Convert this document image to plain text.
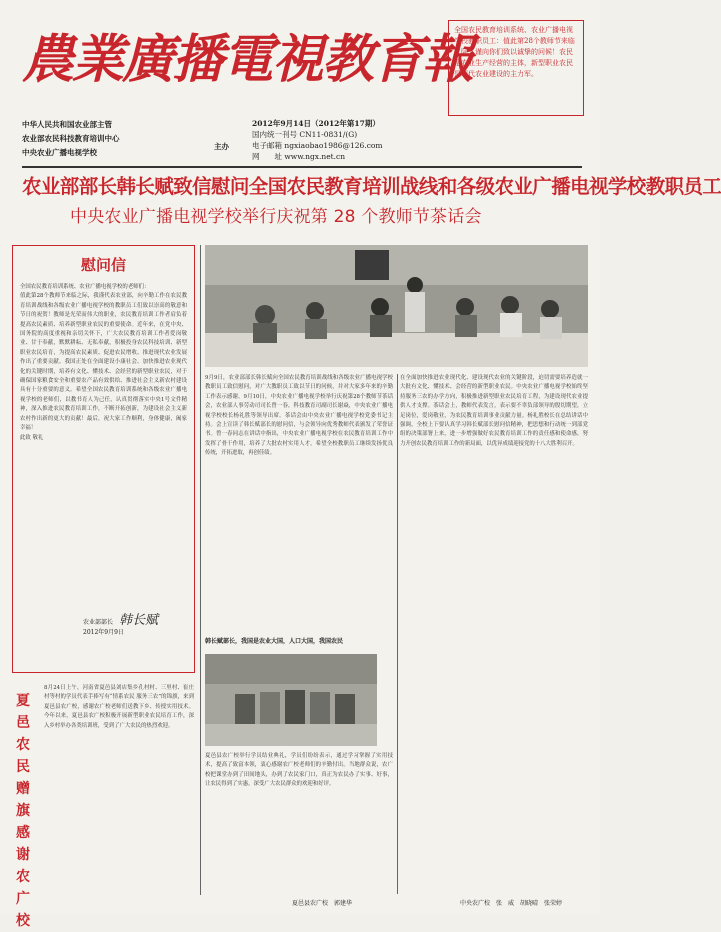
農業廣播電視教育報
全国农民教育培训系统、农业广播电视学校教职员工：值此第28个教师节来临之际，谨向你们致以诚挚的问候！农民是农业生产经营的主体，新型职业农民是现代农业建设的主力军。
中华人民共和国农业部主管
农业部农民科技教育培训中心
中央农业广播电视学校
主办
2012年9月14日（2012年第17期）
国内统一刊号 CN11-0831/(G)
电子邮箱 ngxiaobao1986@126.com
网　　址 www.ngx.net.cn
农业部部长韩长赋致信慰问全国农民教育培训战线和各级农业广播电视学校教职员工
中央农业广播电视学校举行庆祝第 28 个教师节茶话会
慰问信
全国农民教育培训系统、农业广播电视学校的老师们：
值此第28个教师节来临之际，我谨代表农业部，向辛勤工作在农民教育培训战线和各级农业广播电视学校的教职员工们致以崇高的敬意和节日的祝贺！教师是光荣而伟大的职业，农民教育培训工作者肩负着提高农民素质、培养新型职业农民的重要使命。近年来，在党中央、国务院的高度重视和亲切关怀下，广大农民教育培训工作者爱岗敬业、甘于奉献，默默耕耘、无私奉献，积极投身农民科技培训、新型职业农民培育，为提高农民素质、促进农民增收、推进现代农业发展作出了重要贡献。我国正处在全面建设小康社会、加快推进农业现代化的关键时期，培养有文化、懂技术、会经营的新型职业农民，对于确保国家粮食安全和重要农产品有效供给、推进社会主义新农村建设具有十分重要的意义。希望全国农民教育培训系统和各级农业广播电视学校的老师们，以教书育人为己任，认真贯彻落实中央1号文件精神，深入推进农民教育培训工作，不断开拓创新，为建设社会主义新农村作出新的更大的贡献！最后，祝大家工作顺利，身体健康，阖家幸福！
此致 敬礼
农业部部长 韩长赋
2012年9月9日
9月9日，农业部部长韩长赋向全国农民教育培训战线和各级农业广播电视学校教职员工致信慰问，对广大教职员工致以节日的问候，并对大家多年来的辛勤工作表示感谢。9月10日，中央农业广播电视学校举行庆祝第28个教师节茶话会，农业部人事劳动司司长曾一春，科技教育司副司长谢焱，中央农业广播电视学校校长杨礼胜等领导出席。茶话会由中央农业广播电视学校党委书记主持。会上宣读了韩长赋部长的慰问信，与会领导向优秀教师代表颁发了荣誉证书。曾一春同志在讲话中指出，中央农业广播电视学校在农民教育培训工作中发挥了骨干作用，培养了大批农村实用人才，希望全校教职员工继续发扬优良传统，开拓进取，再创佳绩。
在全面加快推进农业现代化、建设现代农业的关键阶段，迫切需要培养造就一大批有文化、懂技术、会经营的新型职业农民。中央农业广播电视学校始终坚持服务三农的办学方向，积极推进新型职业农民培育工程，为建设现代农业提供人才支撑。茶话会上，教师代表发言，表示要不辜负部领导的殷切期望，立足岗位，爱岗敬业，为农民教育培训事业贡献力量。杨礼胜校长在总结讲话中强调，全校上下要认真学习韩长赋部长慰问信精神，把思想和行动统一到部党组的决策部署上来，进一步增强做好农民教育培训工作的责任感和使命感，努力开创农民教育培训工作的新局面，以优异成绩迎接党的十八大胜利召开。
韩长赋部长，我国是农业大国，人口大国，我国农民
夏邑县农广校举行学员结业典礼，学员们纷纷表示，通过学习掌握了实用技术，提高了致富本领，衷心感谢农广校老师们的辛勤付出。当地群众说，农广校把课堂办到了田间地头，办到了农民家门口，真正为农民办了实事、好事，让农民得到了实惠，深受广大农民群众的欢迎和好评。
夏邑农民赠旗感谢农广校
8月24日上午，河南省夏邑县刘店集乡孔村村、三里村、崔庄村等村的学员代表手捧写有“情系农民 服务三农”的锦旗，来到夏邑县农广校，感谢农广校老师们送教下乡、传授实用技术。今年以来，夏邑县农广校积极开展新型职业农民培育工作，深入乡村举办各类培训班，受到了广大农民的热烈欢迎。
夏邑县农广校　郭建华	中央农广校　张　威　胡晓晴　张荣婷
